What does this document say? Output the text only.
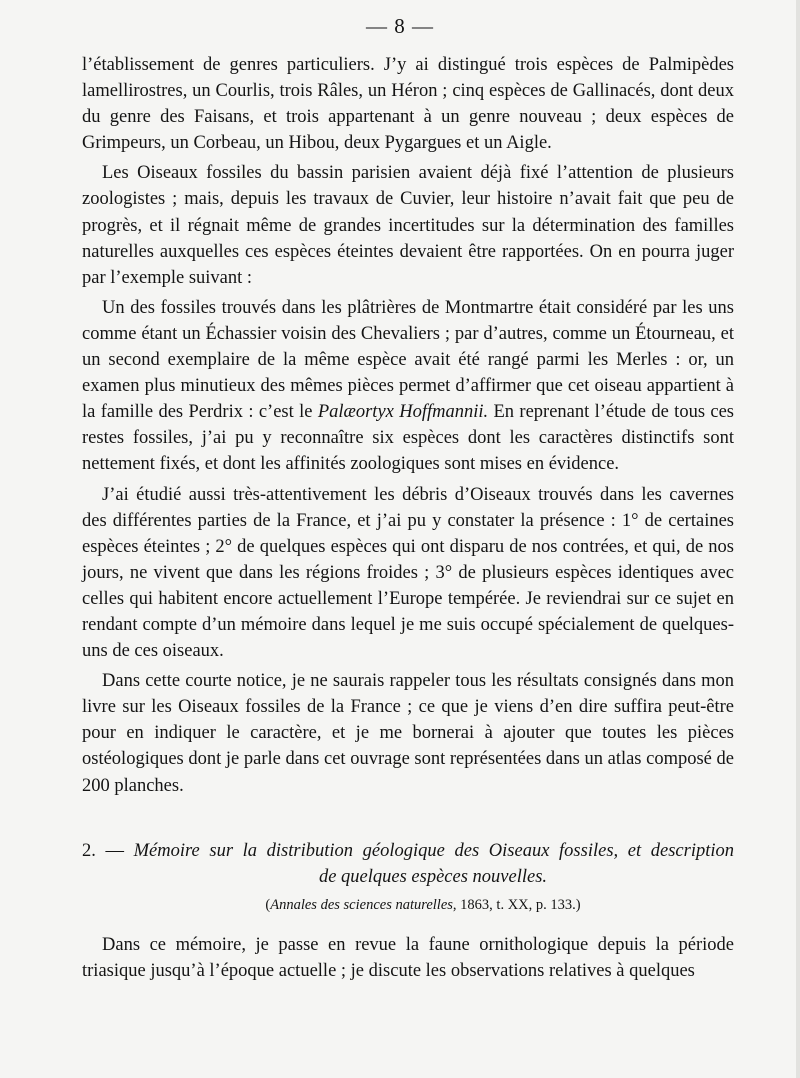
— 8 —

l’établissement de genres particuliers. J’y ai distingué trois espèces de Palmipèdes lamellirostres, un Courlis, trois Râles, un Héron ; cinq espèces de Gallinacés, dont deux du genre des Faisans, et trois appartenant à un genre nouveau ; deux espèces de Grimpeurs, un Corbeau, un Hibou, deux Pygargues et un Aigle.

Les Oiseaux fossiles du bassin parisien avaient déjà fixé l’attention de plusieurs zoologistes ; mais, depuis les travaux de Cuvier, leur histoire n’avait fait que peu de progrès, et il régnait même de grandes incertitudes sur la détermination des familles naturelles auxquelles ces espèces éteintes devaient être rapportées. On en pourra juger par l’exemple suivant :

Un des fossiles trouvés dans les plâtrières de Montmartre était considéré par les uns comme étant un Échassier voisin des Chevaliers ; par d’autres, comme un Étourneau, et un second exemplaire de la même espèce avait été rangé parmi les Merles : or, un examen plus minutieux des mêmes pièces permet d’affirmer que cet oiseau appartient à la famille des Perdrix : c’est le Palæortyx Hoffmannii. En reprenant l’étude de tous ces restes fossiles, j’ai pu y reconnaître six espèces dont les caractères distinctifs sont nettement fixés, et dont les affinités zoologiques sont mises en évidence.

J’ai étudié aussi très-attentivement les débris d’Oiseaux trouvés dans les cavernes des différentes parties de la France, et j’ai pu y constater la présence : 1° de certaines espèces éteintes ; 2° de quelques espèces qui ont disparu de nos contrées, et qui, de nos jours, ne vivent que dans les régions froides ; 3° de plusieurs espèces identiques avec celles qui habitent encore actuellement l’Europe tempérée. Je reviendrai sur ce sujet en rendant compte d’un mémoire dans lequel je me suis occupé spécialement de quelques-uns de ces oiseaux.

Dans cette courte notice, je ne saurais rappeler tous les résultats consignés dans mon livre sur les Oiseaux fossiles de la France ; ce que je viens d’en dire suffira peut-être pour en indiquer le caractère, et je me bornerai à ajouter que toutes les pièces ostéologiques dont je parle dans cet ouvrage sont représentées dans un atlas composé de 200 planches.

2. — Mémoire sur la distribution géologique des Oiseaux fossiles, et description
de quelques espèces nouvelles.
(Annales des sciences naturelles, 1863, t. XX, p. 133.)

Dans ce mémoire, je passe en revue la faune ornithologique depuis la période triasique jusqu’à l’époque actuelle ; je discute les observations relatives à quelques
